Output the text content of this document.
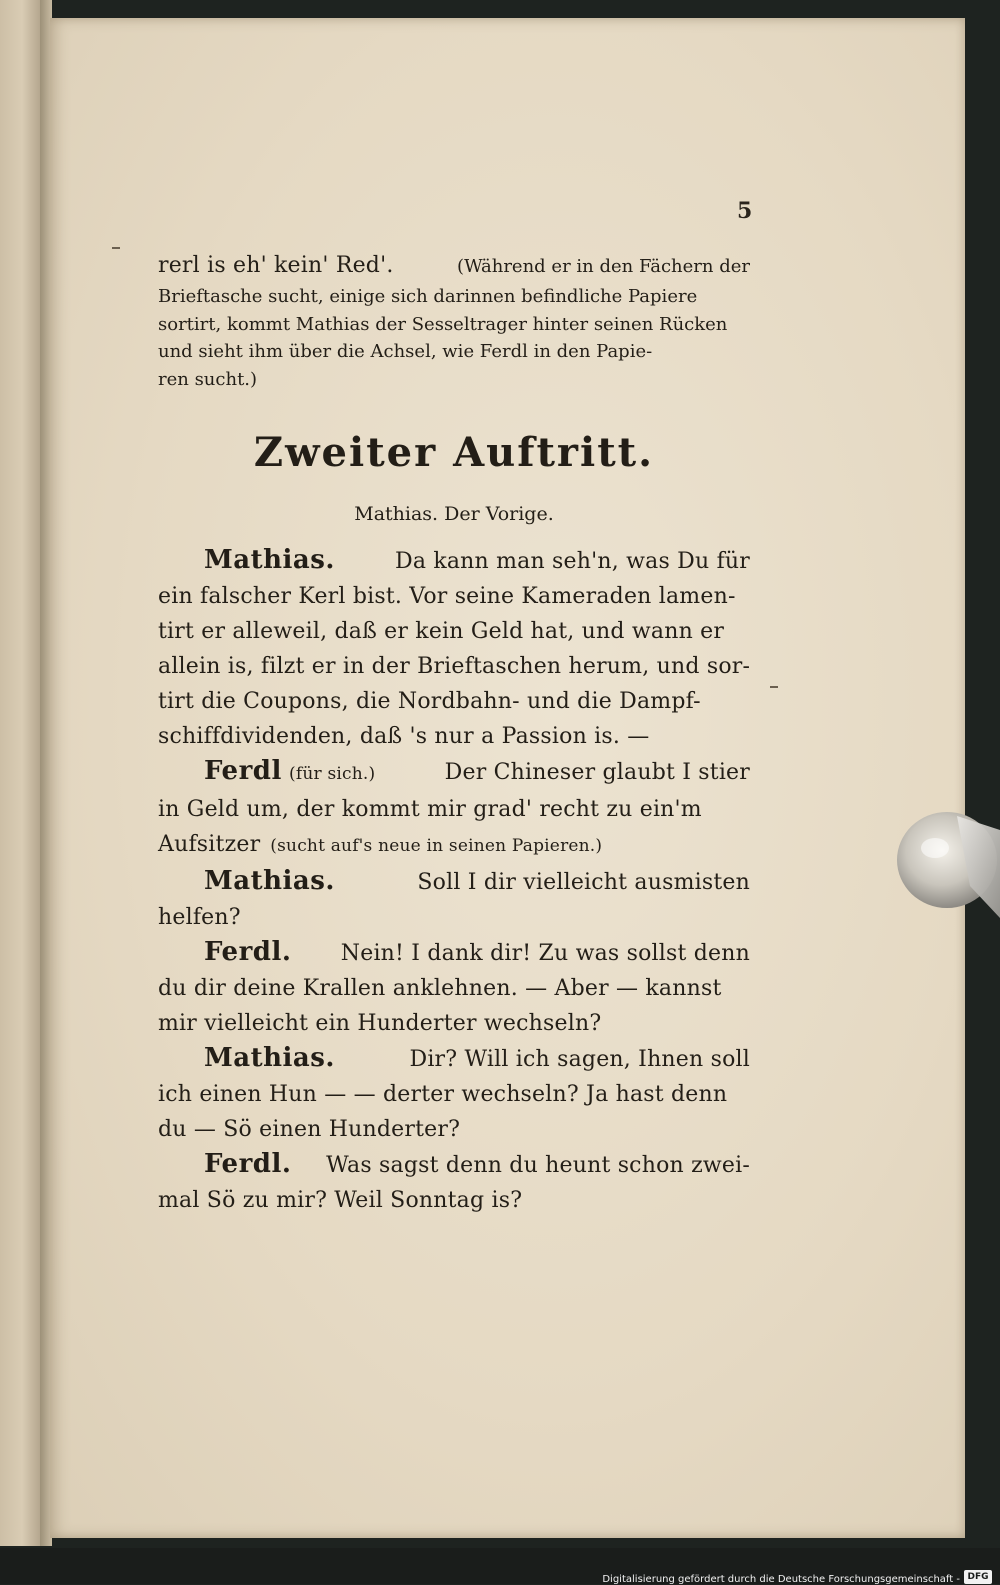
5

rerl is eh' kein' Red'.	(Während er in den Fächern der

Brieftasche sucht, einige sich darinnen befindliche Papiere

sortirt, kommt Mathias der Sesseltrager hinter seinen Rücken

und sieht ihm über die Achsel, wie Ferdl in den Papie-

ren sucht.)

Zweiter Auftritt.
Mathias. Der Vorige.

Mathias.	Da kann man seh'n, was Du für

ein falscher Kerl bist. Vor seine Kameraden lamen-

tirt er alleweil, daß er kein Geld hat, und wann er

allein is, filzt er in der Brieftaschen herum, und sor-

tirt die Coupons, die Nordbahn- und die Dampf-

schiffdividenden, daß 's nur a Passion is. —

Ferdl (für sich.)	Der Chineser glaubt I stier

in Geld um, der kommt mir grad' recht zu ein'm

Aufsitzer (sucht auf's neue in seinen Papieren.)

Mathias.	Soll I dir vielleicht ausmisten

helfen?

Ferdl. Nein! I dank dir! Zu was sollst denn

du dir deine Krallen anklehnen. — Aber — kannst

mir vielleicht ein Hunderter wechseln?

Mathias.	Dir? Will ich sagen, Ihnen soll

ich einen Hun — — derter wechseln? Ja hast denn

du — Sö einen Hunderter?

Ferdl. Was sagst denn du heunt schon zwei-

mal Sö zu mir? Weil Sonntag is?

Digitalisierung gefördert durch die Deutsche Forschungsgemeinschaft - DFG
